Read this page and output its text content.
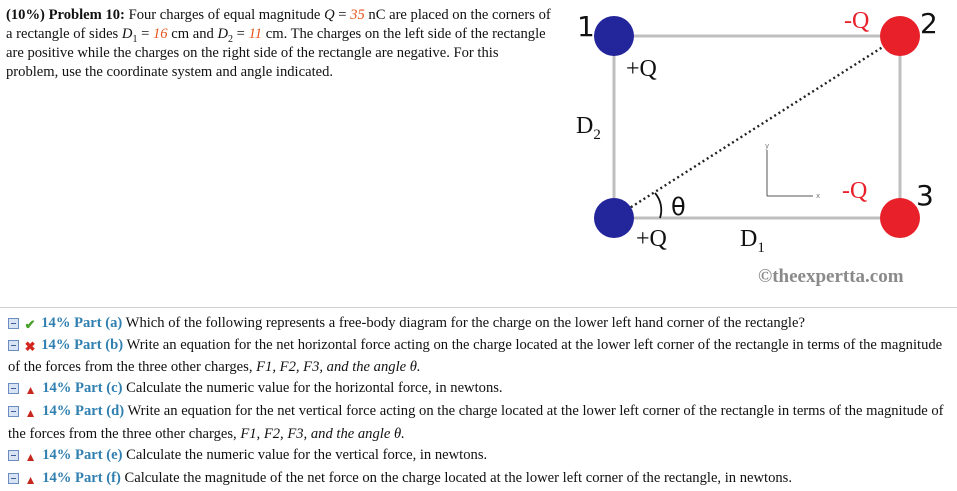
(10%) Problem 10: Four charges of equal magnitude Q = 35 nC are placed on the corners of a rectangle of sides $D_1 = 16$ cm and $D_2 = 11$ cm. The charges on the left side of the rectangle are positive while the charges on the right side of the rectangle are negative. For this problem, use the coordinate system and angle indicated.
y
x
1	2
3
+Q
-Q
-Q
+Q
$D_2$
$D_1$
θ
©theexpertta.com

✔ 14% Part (a) Which of the following represents a free-body diagram for the charge on the lower left hand corner of the rectangle?

✖ 14% Part (b) Write an equation for the net horizontal force acting on the charge located at the lower left corner of the rectangle in terms of the magnitude of the forces from the three other charges, F1, F2, F3, and the angle θ.

▲ 14% Part (c) Calculate the numeric value for the horizontal force, in newtons.

▲ 14% Part (d) Write an equation for the net vertical force acting on the charge located at the lower left corner of the rectangle in terms of the magnitude of the forces from the three other charges, F1, F2, F3, and the angle θ.

▲ 14% Part (e) Calculate the numeric value for the vertical force, in newtons.

▲ 14% Part (f) Calculate the magnitude of the net force on the charge located at the lower left corner of the rectangle, in newtons.
